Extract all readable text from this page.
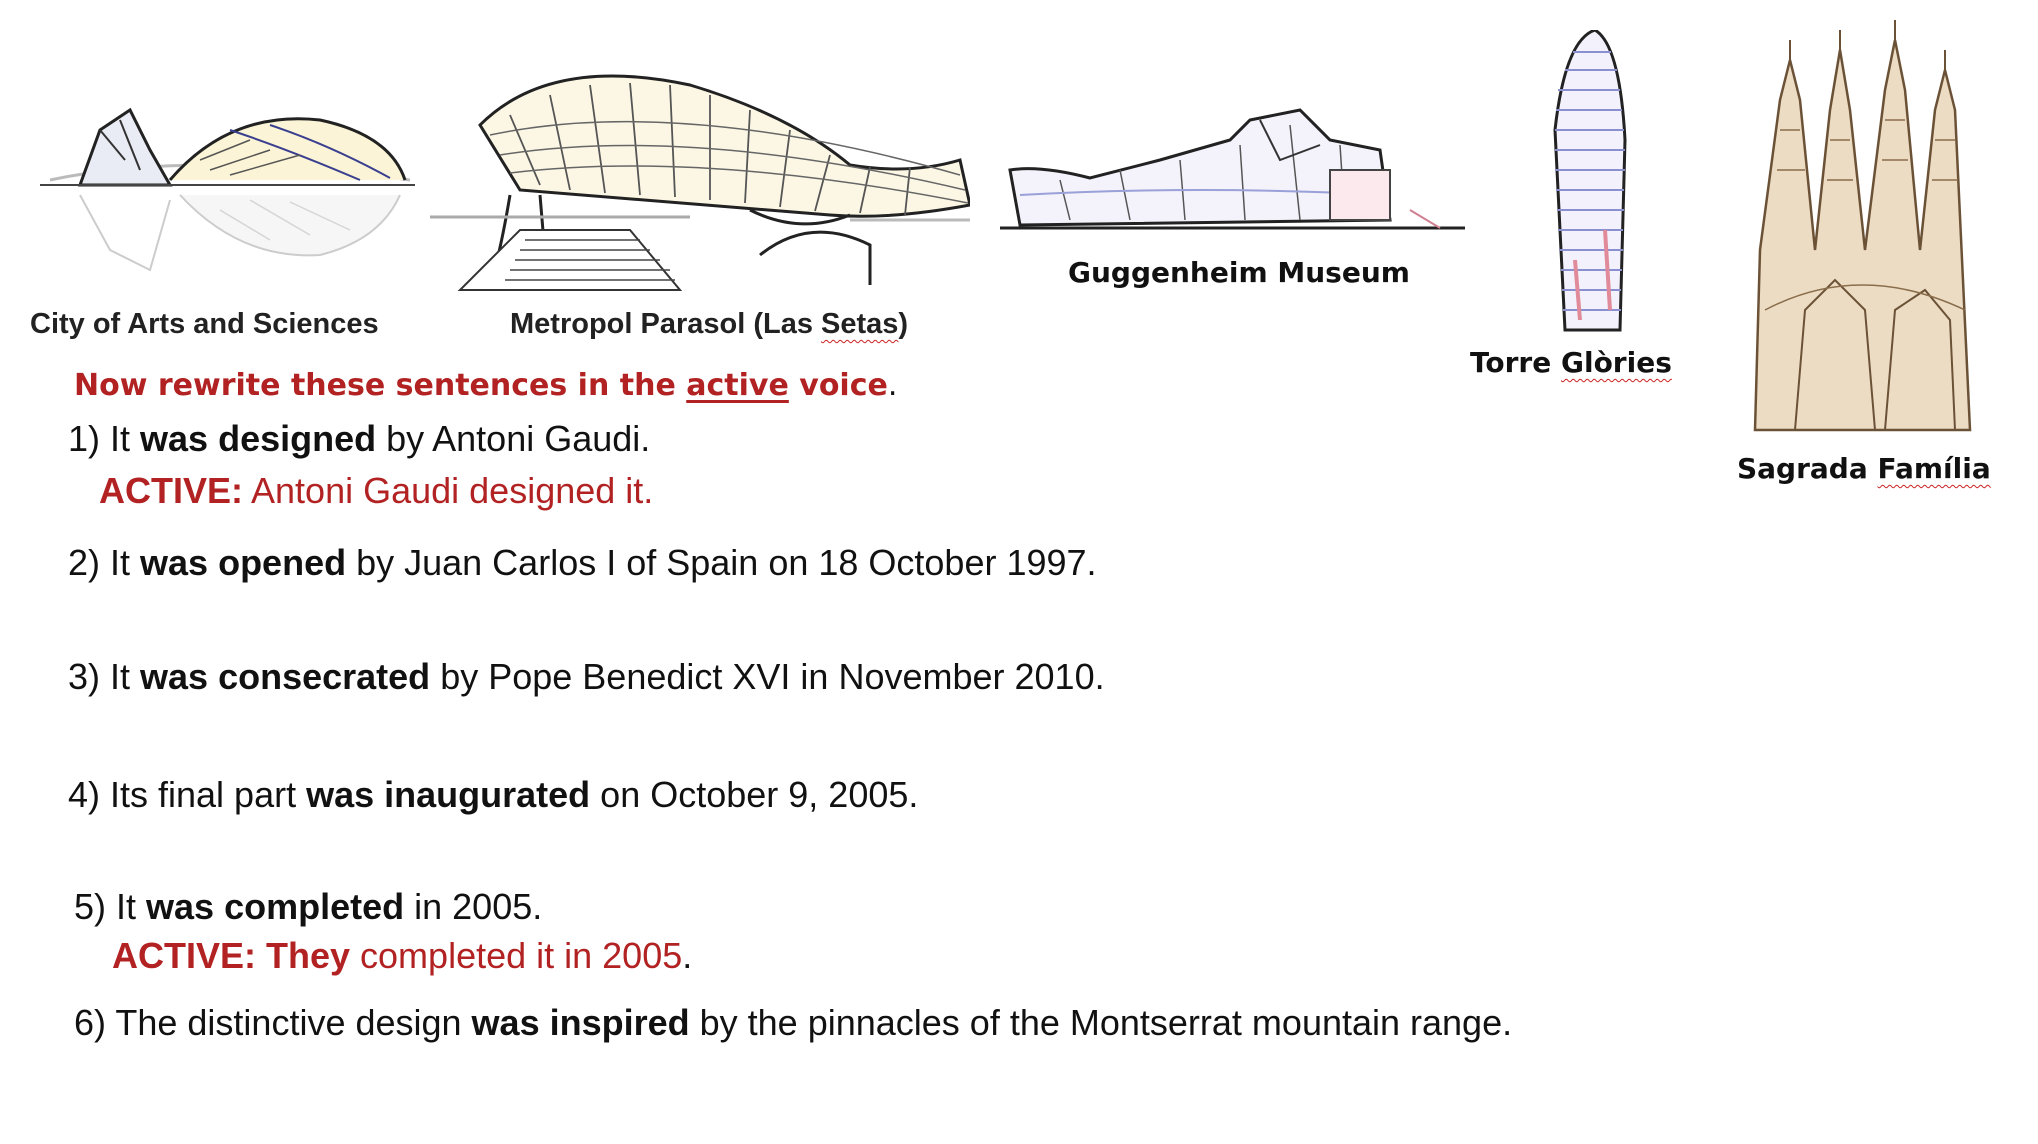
City of Arts and Sciences	Metropol Parasol (Las Setas)
Guggenheim Museum
Torre Glòries
Sagrada Família
Now rewrite these sentences in the active voice.
1) It was designed by Antoni Gaudi.
ACTIVE: Antoni Gaudi designed it.
2) It was opened by Juan Carlos I of Spain on 18 October 1997.
3) It was consecrated by Pope Benedict XVI in November 2010.
4) Its final part was inaugurated on October 9, 2005.
5) It was completed in 2005.
ACTIVE: They completed it in 2005.
6) The distinctive design was inspired by the pinnacles of the Montserrat mountain range.
